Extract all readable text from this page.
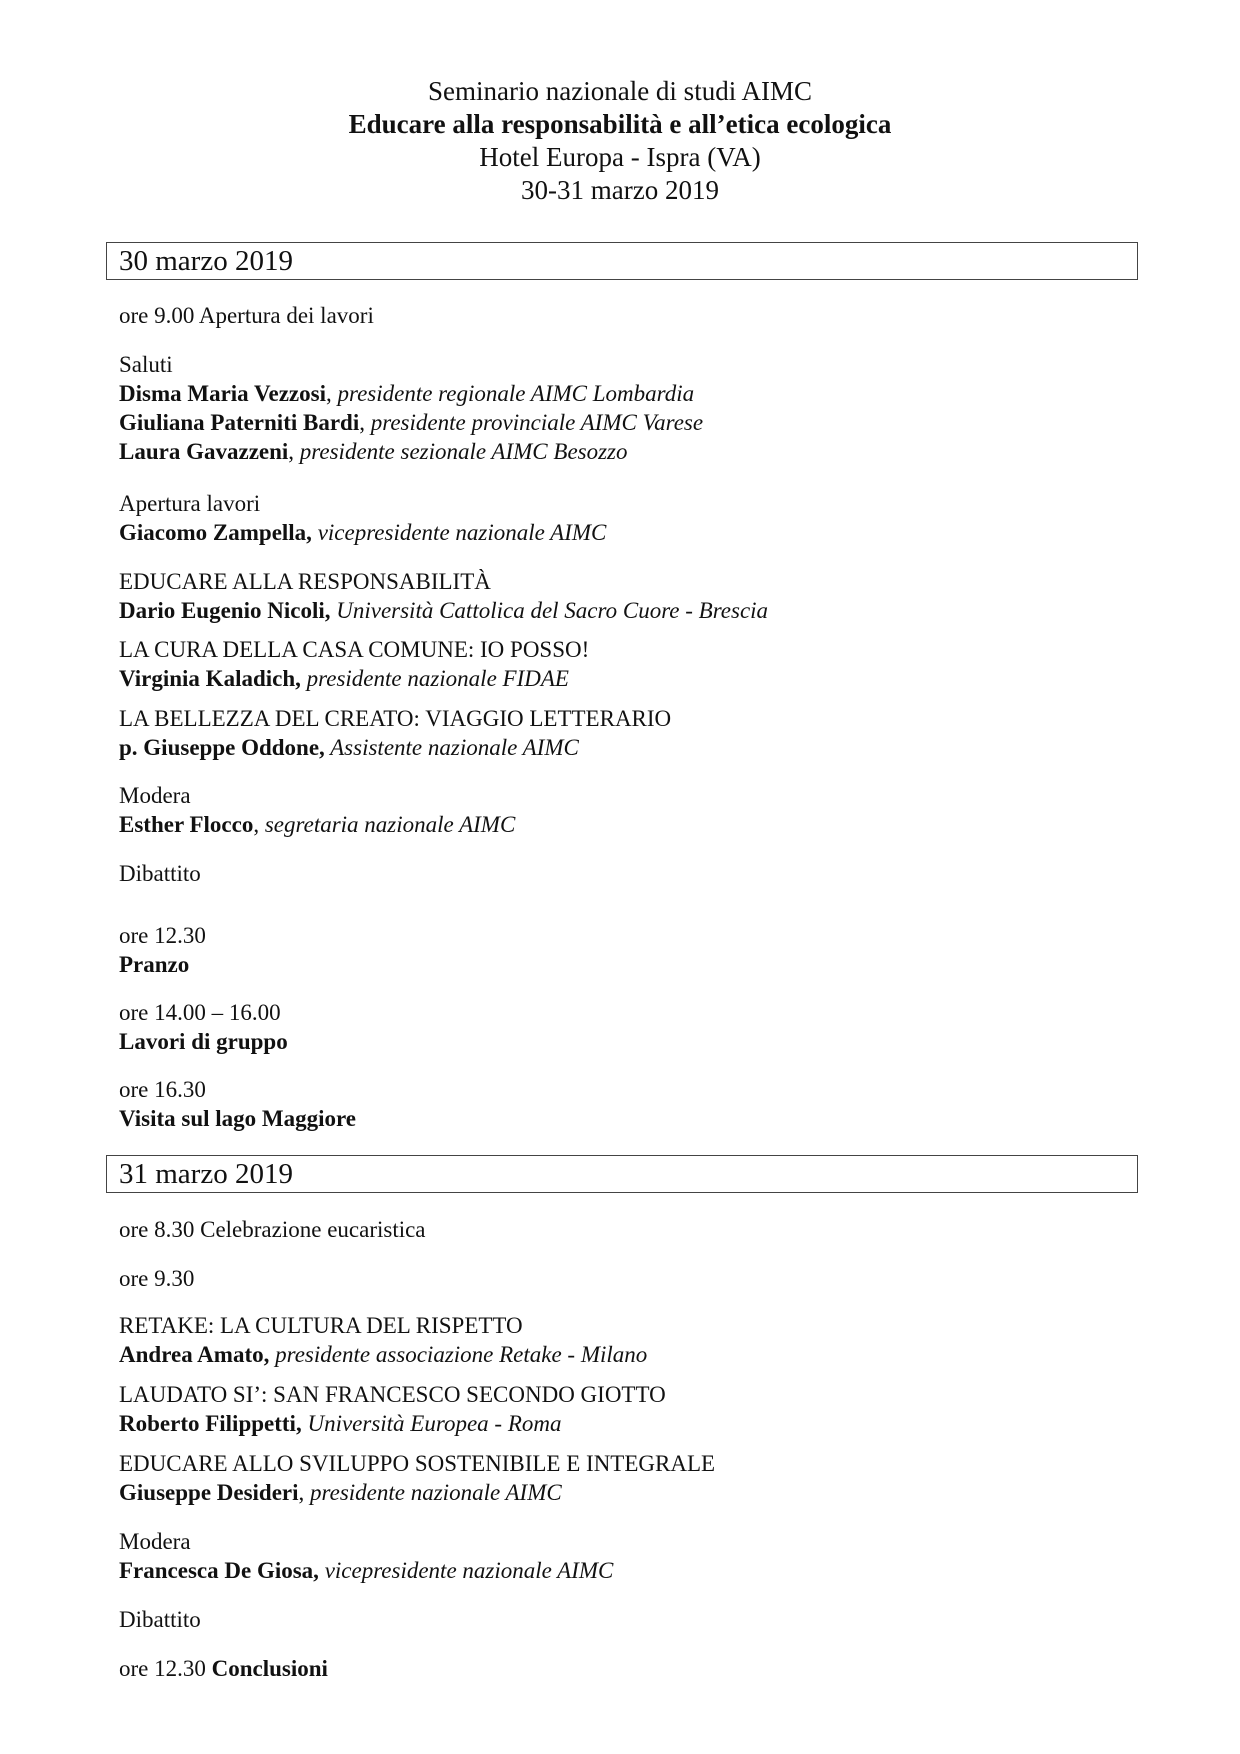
Seminario nazionale di studi AIMC
Educare alla responsabilità e all’etica ecologica
Hotel Europa - Ispra (VA)
30-31 marzo 2019
30 marzo 2019
ore 9.00 Apertura dei lavori
Saluti
Disma Maria Vezzosi, presidente regionale AIMC Lombardia
Giuliana Paterniti Bardi, presidente provinciale AIMC Varese
Laura Gavazzeni, presidente sezionale AIMC Besozzo
Apertura lavori
Giacomo Zampella, vicepresidente nazionale AIMC
EDUCARE ALLA RESPONSABILITÀ
Dario Eugenio Nicoli, Università Cattolica del Sacro Cuore - Brescia
LA CURA DELLA CASA COMUNE: IO POSSO!
Virginia Kaladich, presidente nazionale FIDAE
LA BELLEZZA DEL CREATO: VIAGGIO LETTERARIO
p. Giuseppe Oddone, Assistente nazionale AIMC
Modera
Esther Flocco, segretaria nazionale AIMC
Dibattito
ore 12.30
Pranzo
ore 14.00 – 16.00
Lavori di gruppo
ore 16.30
Visita sul lago Maggiore
31 marzo 2019
ore 8.30 Celebrazione eucaristica
ore 9.30
RETAKE: LA CULTURA DEL RISPETTO
Andrea Amato, presidente associazione Retake - Milano
LAUDATO SI’: SAN FRANCESCO SECONDO GIOTTO
Roberto Filippetti, Università Europea - Roma
EDUCARE ALLO SVILUPPO SOSTENIBILE E INTEGRALE
Giuseppe Desideri, presidente nazionale AIMC
Modera
Francesca De Giosa, vicepresidente nazionale AIMC
Dibattito
ore 12.30 Conclusioni
